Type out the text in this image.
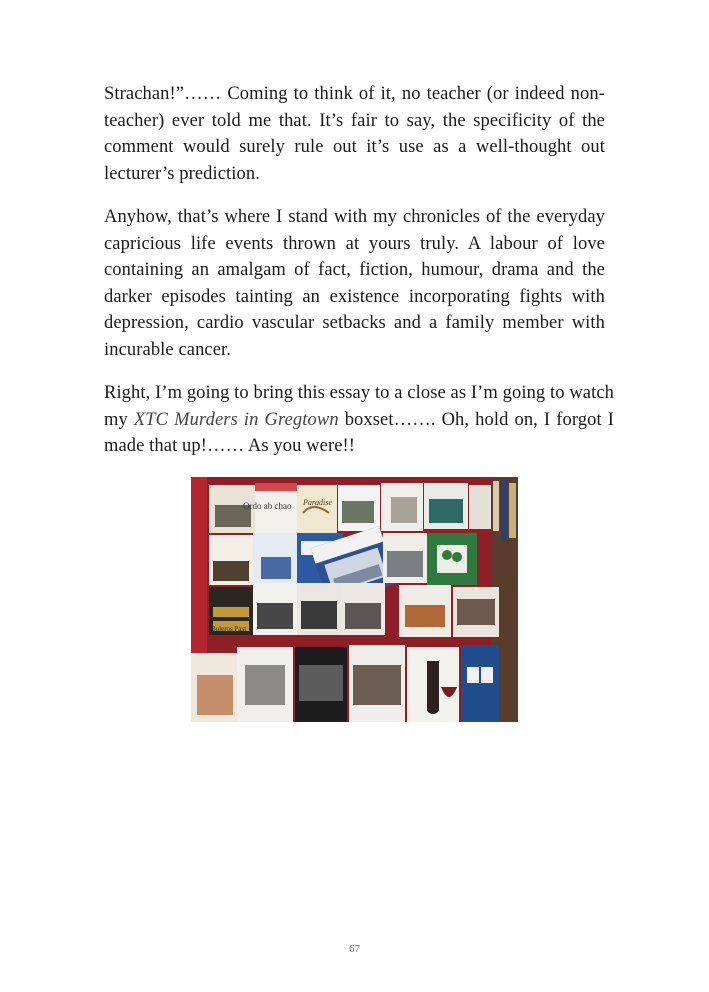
Strachan!”…… Coming to think of it, no teacher (or indeed non-teacher) ever told me that. It’s fair to say, the specificity of the comment would surely rule out it’s use as a well-thought out lecturer’s prediction.

Anyhow, that’s where I stand with my chronicles of the everyday capricious life events thrown at yours truly. A labour of love containing an amalgam of fact, fiction, humour, drama and the darker episodes tainting an existence incorporating fights with depression, cardio vascular setbacks and a family member with incurable cancer.

Right, I’m going to bring this essay to a close as I’m going to watch my XTC Murders in Gregtown boxset……. Oh, hold on, I forgot I made that up!…… As you were!!

Ordo ab chao Paradise
Boleros Past
67
